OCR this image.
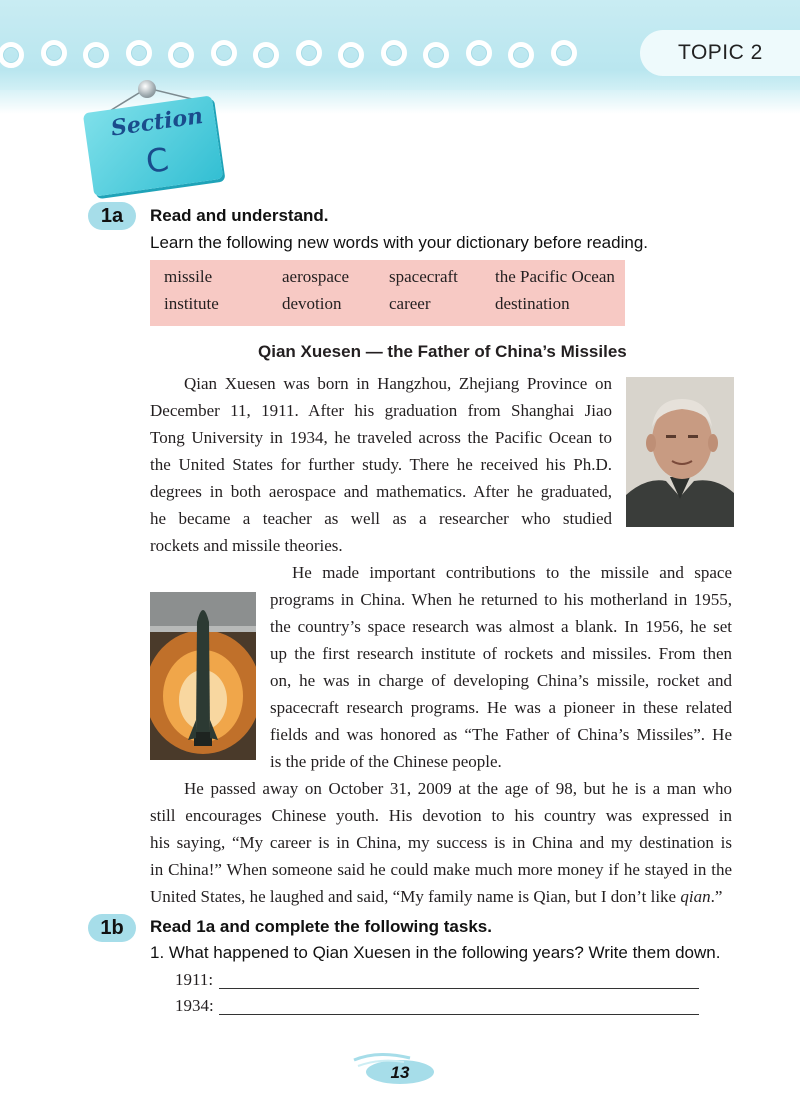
TOPIC 2
Section
C
1a	Read and understand.
Learn the following new words with your dictionary before reading.
missile	aerospace	spacecraft	the Pacific Ocean
institute	devotion	career	destination
Qian Xuesen — the Father of China’s Missiles
Qian Xuesen was born in Hangzhou, Zhejiang Province on
December 11, 1911. After his graduation from Shanghai Jiao
Tong University in 1934, he traveled across the Pacific Ocean to
the United States for further study. There he received his Ph.D.
degrees in both aerospace and mathematics. After he graduated,
he became a teacher as well as a researcher who studied
rockets and missile theories.
He made important contributions to the missile and space
programs in China. When he returned to his motherland in 1955,
the country’s space research was almost a blank. In 1956, he set
up the first research institute of rockets and missiles. From then
on, he was in charge of developing China’s missile, rocket and
spacecraft research programs. He was a pioneer in these related
fields and was honored as “The Father of China’s Missiles”. He
is the pride of the Chinese people.
He passed away on October 31, 2009 at the age of 98, but he is a man who
still encourages Chinese youth. His devotion to his country was expressed in
his saying, “My career is in China, my success is in China and my destination is
in China!” When someone said he could make much more money if he stayed in the
United States, he laughed and said, “My family name is Qian, but I don’t like qian.”
1b	Read 1a and complete the following tasks.
1. What happened to Qian Xuesen in the following years? Write them down.
1911:
1934:
13
